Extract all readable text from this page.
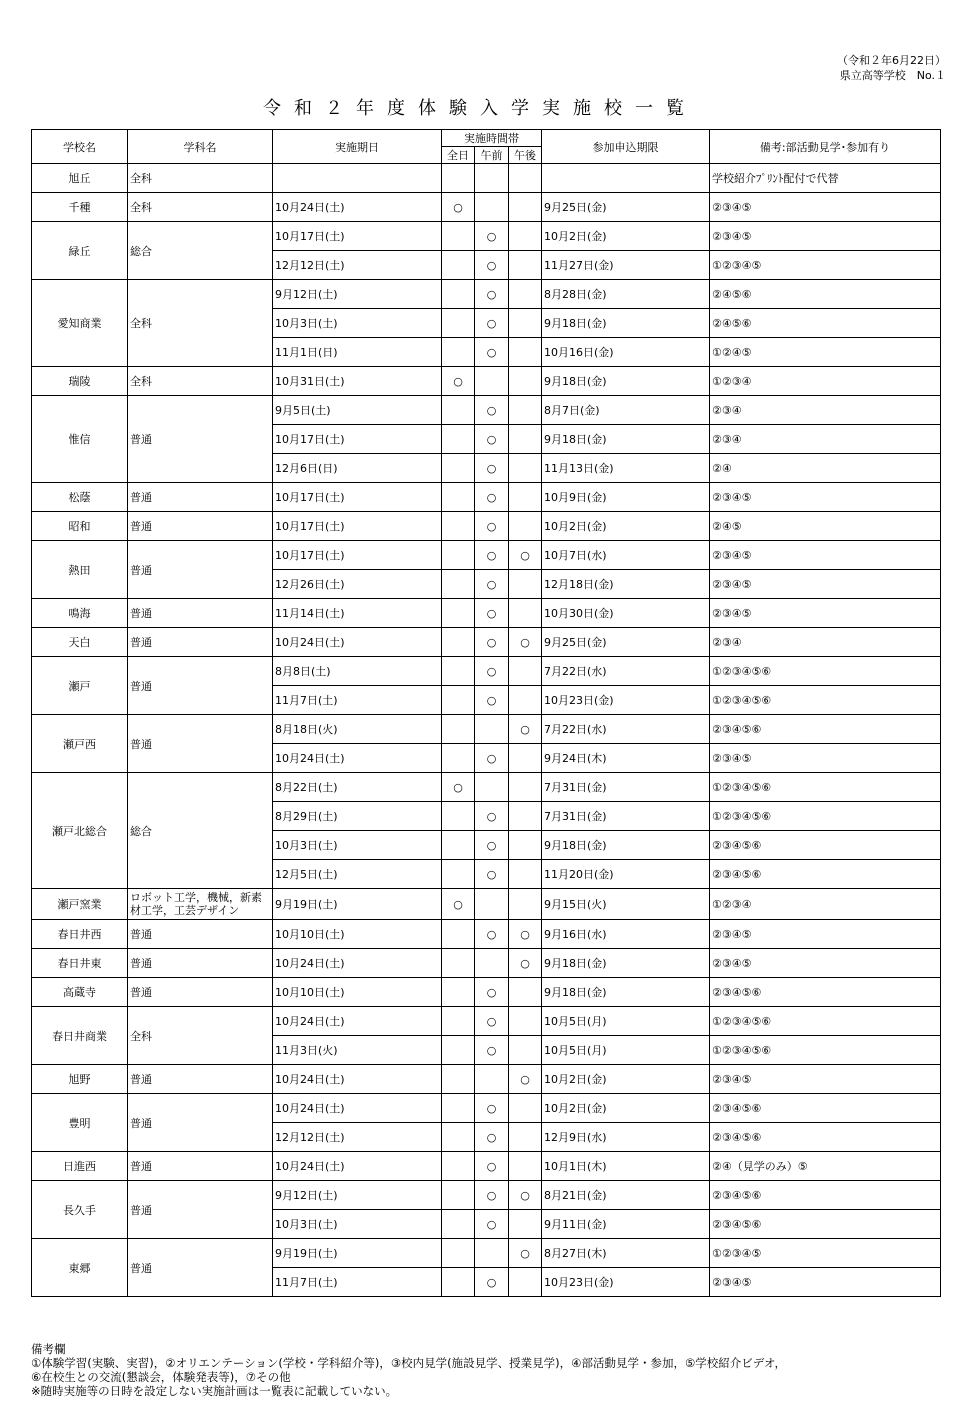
（令和２年6月22日）
県立高等学校　No.１
令和２年度体験入学実施校一覧
学校名	学科名	実施期日	実施時間帯			参加申込期限	備考:部活動見学･参加有り
			全日	午前	午後		
旭丘	全科						学校紹介ﾌﾟﾘﾝﾄ配付で代替
千種	全科	10月24日(土)	○			9月25日(金)	②③④⑤
緑丘	総合	10月17日(土)		○		10月2日(金)	②③④⑤
		12月12日(土)		○		11月27日(金)	①②③④⑤
愛知商業	全科	9月12日(土)		○		8月28日(金)	②④⑤⑥
		10月3日(土)		○		9月18日(金)	②④⑤⑥
		11月1日(日)		○		10月16日(金)	①②④⑤
瑞陵	全科	10月31日(土)	○			9月18日(金)	①②③④
惟信	普通	9月5日(土)		○		8月7日(金)	②③④
		10月17日(土)		○		9月18日(金)	②③④
		12月6日(日)		○		11月13日(金)	②④
松蔭	普通	10月17日(土)		○		10月9日(金)	②③④⑤
昭和	普通	10月17日(土)		○		10月2日(金)	②④⑤
熱田	普通	10月17日(土)		○	○	10月7日(水)	②③④⑤
		12月26日(土)		○		12月18日(金)	②③④⑤
鳴海	普通	11月14日(土)		○		10月30日(金)	②③④⑤
天白	普通	10月24日(土)		○	○	9月25日(金)	②③④
瀬戸	普通	8月8日(土)		○		7月22日(水)	①②③④⑤⑥
		11月7日(土)		○		10月23日(金)	①②③④⑤⑥
瀬戸西	普通	8月18日(火)			○	7月22日(水)	②③④⑤⑥
		10月24日(土)		○		9月24日(木)	②③④⑤
瀬戸北総合	総合	8月22日(土)	○			7月31日(金)	①②③④⑤⑥
		8月29日(土)		○		7月31日(金)	①②③④⑤⑥
		10月3日(土)		○		9月18日(金)	②③④⑤⑥
		12月5日(土)		○		11月20日(金)	②③④⑤⑥
瀬戸窯業	ロボット工学，機械，新素材工学，工芸デザイン	9月19日(土)	○			9月15日(火)	①②③④
春日井西	普通	10月10日(土)		○	○	9月16日(水)	②③④⑤
春日井東	普通	10月24日(土)			○	9月18日(金)	②③④⑤
高蔵寺	普通	10月10日(土)		○		9月18日(金)	②③④⑤⑥
春日井商業	全科	10月24日(土)		○		10月5日(月)	①②③④⑤⑥
		11月3日(火)		○		10月5日(月)	①②③④⑤⑥
旭野	普通	10月24日(土)			○	10月2日(金)	②③④⑤
豊明	普通	10月24日(土)		○		10月2日(金)	②③④⑤⑥
		12月12日(土)		○		12月9日(水)	②③④⑤⑥
日進西	普通	10月24日(土)		○		10月1日(木)	②④（見学のみ）⑤
長久手	普通	9月12日(土)		○	○	8月21日(金)	②③④⑤⑥
		10月3日(土)		○		9月11日(金)	②③④⑤⑥
東郷	普通	9月19日(土)			○	8月27日(木)	①②③④⑤
		11月7日(土)		○		10月23日(金)	②③④⑤
備考欄
①体験学習(実験、実習)，②オリエンテーション(学校・学科紹介等)，③校内見学(施設見学、授業見学)，④部活動見学・参加，⑤学校紹介ビデオ，
⑥在校生との交流(懇談会，体験発表等)，⑦その他
※随時実施等の日時を設定しない実施計画は一覧表に記載していない。
